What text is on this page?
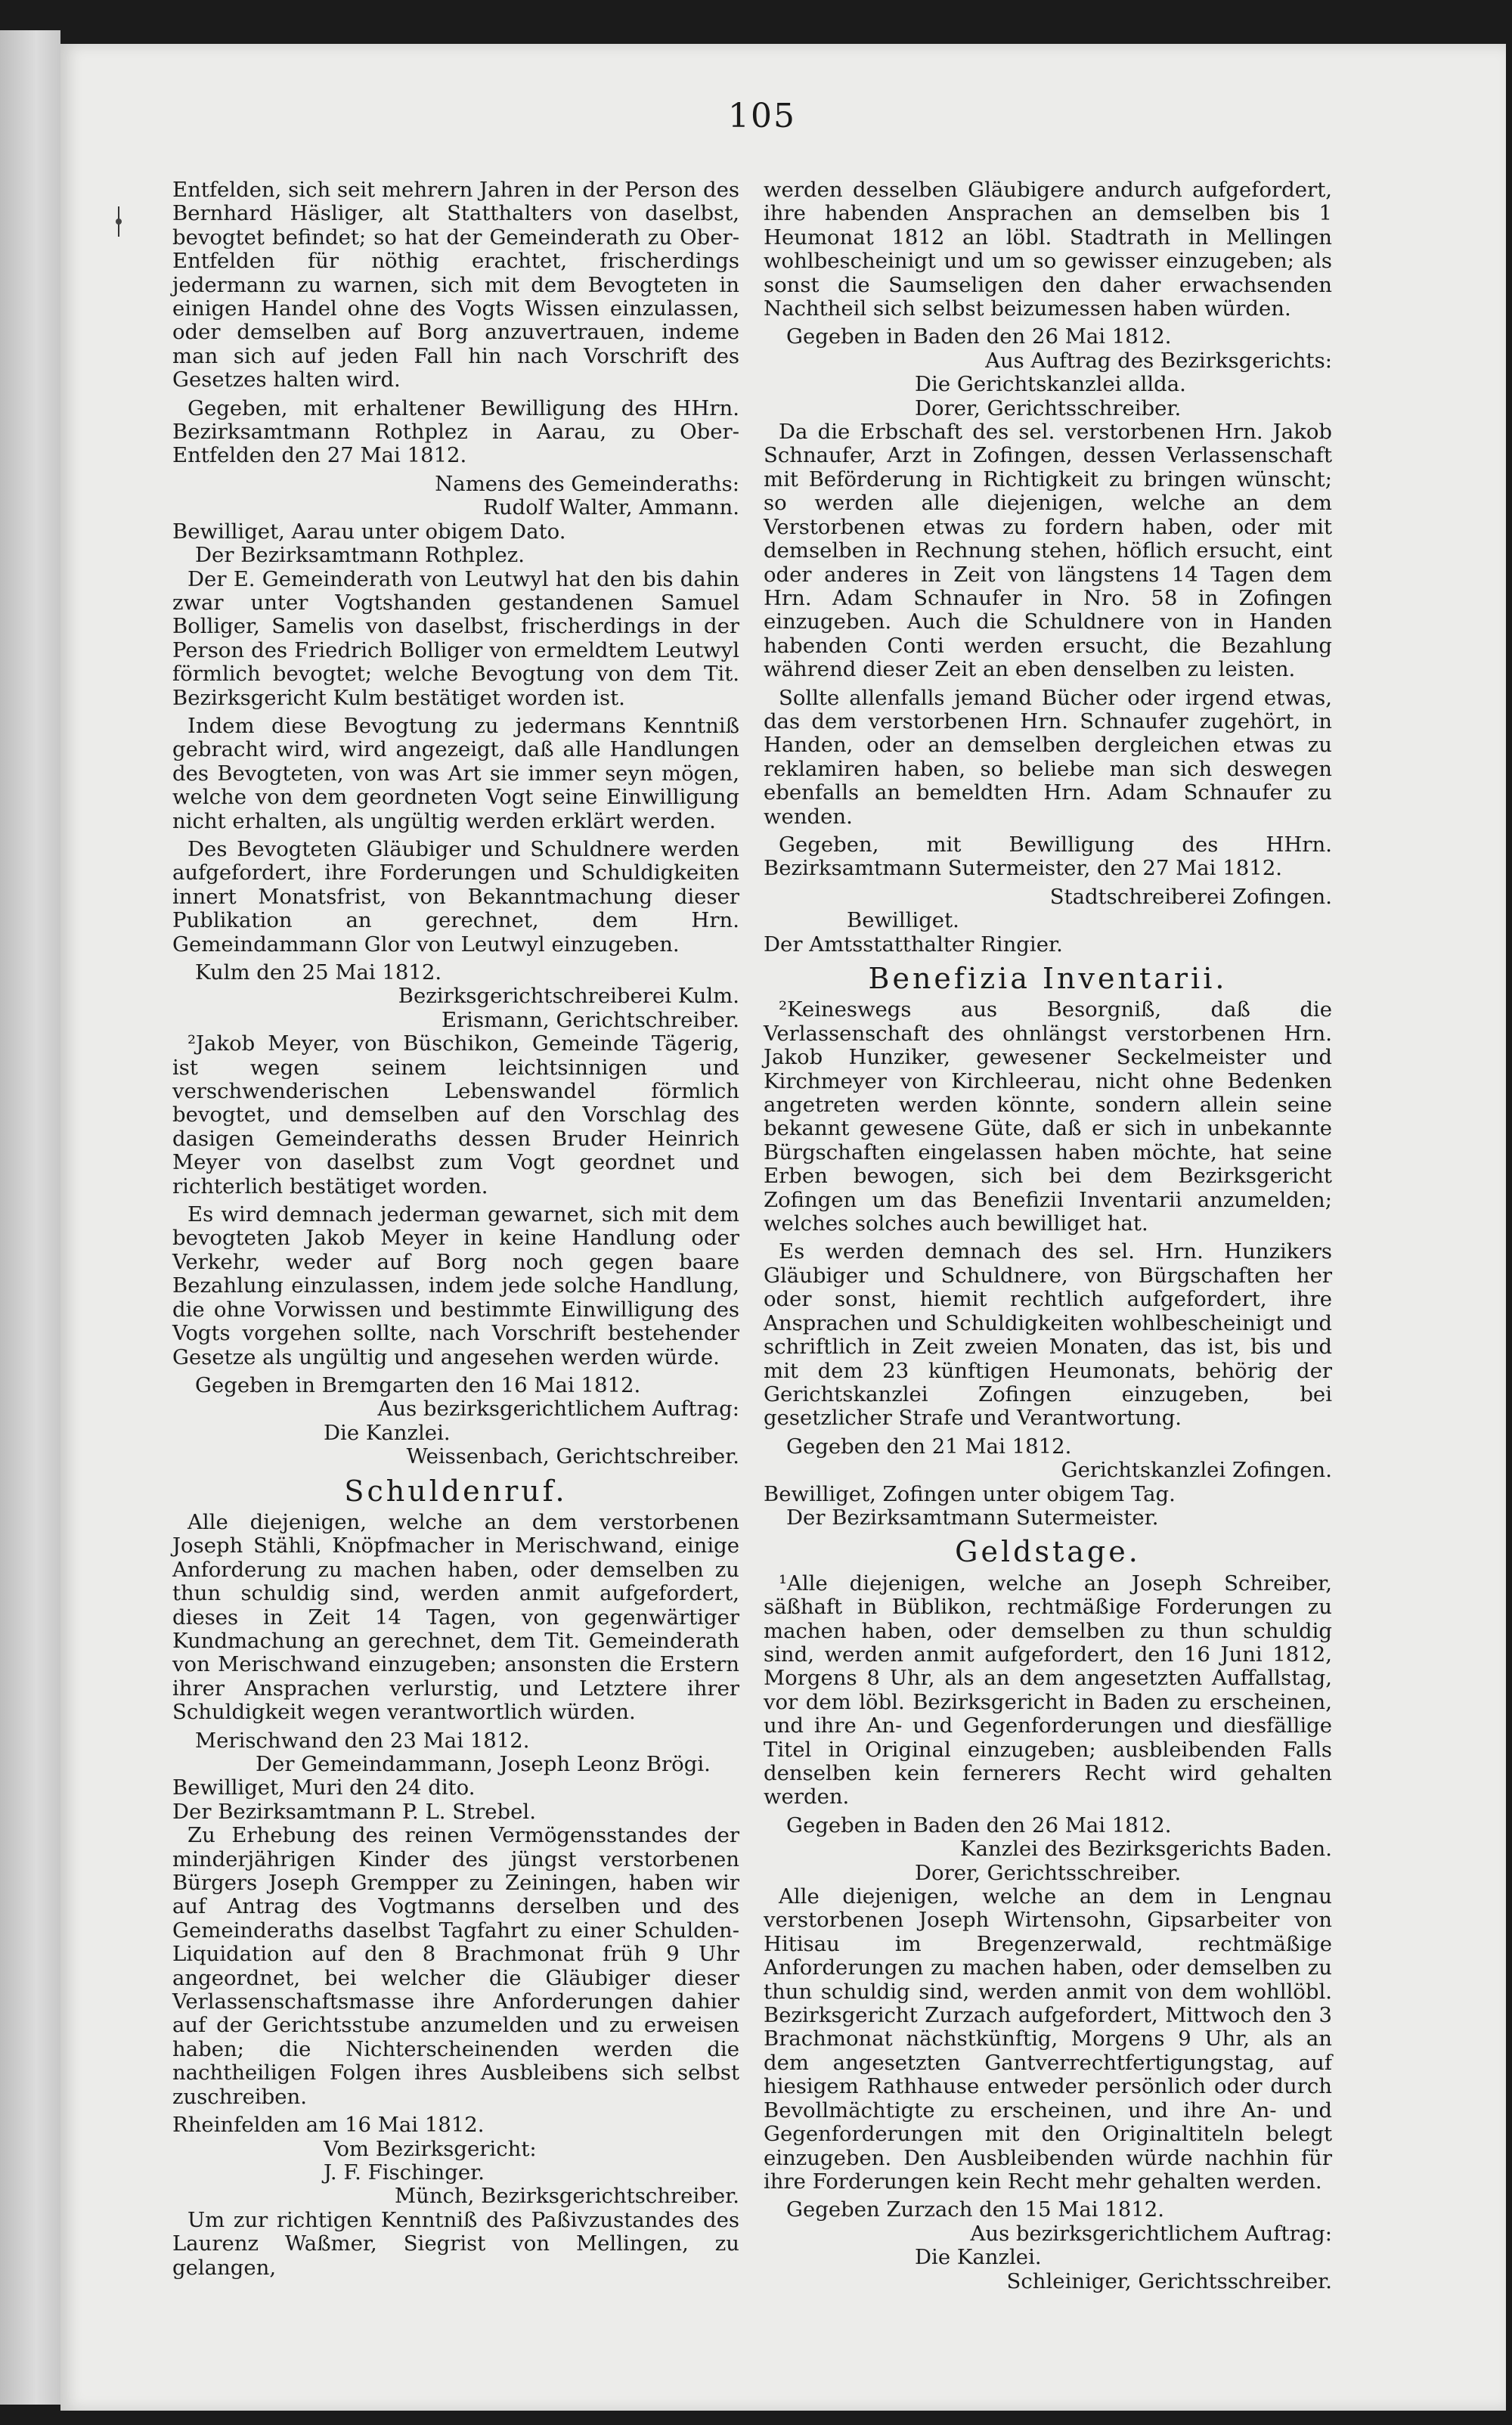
105

Entfelden, sich seit mehrern Jahren in der Person des Bernhard Häsliger, alt Statthalters von daselbst, bevogtet befindet; so hat der Gemeinderath zu Ober-Entfelden für nöthig erachtet, frischerdings jedermann zu warnen, sich mit dem Bevogteten in einigen Handel ohne des Vogts Wissen einzulassen, oder demselben auf Borg anzuvertrauen, indeme man sich auf jeden Fall hin nach Vorschrift des Gesetzes halten wird.

Gegeben, mit erhaltener Bewilligung des HHrn. Bezirksamtmann Rothplez in Aarau, zu Ober-Entfelden den 27 Mai 1812.

Namens des Gemeinderaths:
Rudolf Walter, Ammann.
Bewilliget, Aarau unter obigem Dato.
Der Bezirksamtmann Rothplez.

Der E. Gemeinderath von Leutwyl hat den bis dahin zwar unter Vogtshanden gestandenen Samuel Bolliger, Samelis von daselbst, frischerdings in der Person des Friedrich Bolliger von ermeldtem Leutwyl förmlich bevogtet; welche Bevogtung von dem Tit. Bezirksgericht Kulm bestätiget worden ist.

Indem diese Bevogtung zu jedermans Kenntniß gebracht wird, wird angezeigt, daß alle Handlungen des Bevogteten, von was Art sie immer seyn mögen, welche von dem geordneten Vogt seine Einwilligung nicht erhalten, als ungültig werden erklärt werden.

Des Bevogteten Gläubiger und Schuldnere werden aufgefordert, ihre Forderungen und Schuldigkeiten innert Monatsfrist, von Bekanntmachung dieser Publikation an gerechnet, dem Hrn. Gemeindammann Glor von Leutwyl einzugeben.

Kulm den 25 Mai 1812.
Bezirksgerichtschreiberei Kulm.
Erismann, Gerichtschreiber.

²Jakob Meyer, von Büschikon, Gemeinde Tägerig, ist wegen seinem leichtsinnigen und verschwenderischen Lebenswandel förmlich bevogtet, und demselben auf den Vorschlag des dasigen Gemeinderaths dessen Bruder Heinrich Meyer von daselbst zum Vogt geordnet und richterlich bestätiget worden.

Es wird demnach jederman gewarnet, sich mit dem bevogteten Jakob Meyer in keine Handlung oder Verkehr, weder auf Borg noch gegen baare Bezahlung einzulassen, indem jede solche Handlung, die ohne Vorwissen und bestimmte Einwilligung des Vogts vorgehen sollte, nach Vorschrift bestehender Gesetze als ungültig und angesehen werden würde.

Gegeben in Bremgarten den 16 Mai 1812.
Aus bezirksgerichtlichem Auftrag:
Die Kanzlei.
Weissenbach, Gerichtschreiber.
Schuldenruf.

Alle diejenigen, welche an dem verstorbenen Joseph Stähli, Knöpfmacher in Merischwand, einige Anforderung zu machen haben, oder demselben zu thun schuldig sind, werden anmit aufgefordert, dieses in Zeit 14 Tagen, von gegenwärtiger Kundmachung an gerechnet, dem Tit. Gemeinderath von Merischwand einzugeben; ansonsten die Erstern ihrer Ansprachen verlurstig, und Letztere ihrer Schuldigkeit wegen verantwortlich würden.

Merischwand den 23 Mai 1812.
Der Gemeindammann, Joseph Leonz Brögi.
Bewilliget, Muri den 24 dito.
Der Bezirksamtmann P. L. Strebel.

Zu Erhebung des reinen Vermögensstandes der minderjährigen Kinder des jüngst verstorbenen Bürgers Joseph Grempper zu Zeiningen, haben wir auf Antrag des Vogtmanns derselben und des Gemeinderaths daselbst Tagfahrt zu einer Schulden-Liquidation auf den 8 Brachmonat früh 9 Uhr angeordnet, bei welcher die Gläubiger dieser Verlassenschaftsmasse ihre Anforderungen dahier auf der Gerichtsstube anzumelden und zu erweisen haben; die Nichterscheinenden werden die nachtheiligen Folgen ihres Ausbleibens sich selbst zuschreiben.

Rheinfelden am 16 Mai 1812.
Vom Bezirksgericht:
J. F. Fischinger.
Münch, Bezirksgerichtschreiber.

Um zur richtigen Kenntniß des Paßivzustandes des Laurenz Waßmer, Siegrist von Mellingen, zu gelangen,

werden desselben Gläubigere andurch aufgefordert, ihre habenden Ansprachen an demselben bis 1 Heumonat 1812 an löbl. Stadtrath in Mellingen wohlbescheinigt und um so gewisser einzugeben; als sonst die Saumseligen den daher erwachsenden Nachtheil sich selbst beizumessen haben würden.

Gegeben in Baden den 26 Mai 1812.
Aus Auftrag des Bezirksgerichts:
Die Gerichtskanzlei allda.
Dorer, Gerichtsschreiber.

Da die Erbschaft des sel. verstorbenen Hrn. Jakob Schnaufer, Arzt in Zofingen, dessen Verlassenschaft mit Beförderung in Richtigkeit zu bringen wünscht; so werden alle diejenigen, welche an dem Verstorbenen etwas zu fordern haben, oder mit demselben in Rechnung stehen, höflich ersucht, eint oder anderes in Zeit von längstens 14 Tagen dem Hrn. Adam Schnaufer in Nro. 58 in Zofingen einzugeben. Auch die Schuldnere von in Handen habenden Conti werden ersucht, die Bezahlung während dieser Zeit an eben denselben zu leisten.

Sollte allenfalls jemand Bücher oder irgend etwas, das dem verstorbenen Hrn. Schnaufer zugehört, in Handen, oder an demselben dergleichen etwas zu reklamiren haben, so beliebe man sich deswegen ebenfalls an bemeldten Hrn. Adam Schnaufer zu wenden.

Gegeben, mit Bewilligung des HHrn. Bezirksamtmann Sutermeister, den 27 Mai 1812.

Stadtschreiberei Zofingen.
Bewilliget.
Der Amtsstatthalter Ringier.
Benefizia Inventarii.

²Keineswegs aus Besorgniß, daß die Verlassenschaft des ohnlängst verstorbenen Hrn. Jakob Hunziker, gewesener Seckelmeister und Kirchmeyer von Kirchleerau, nicht ohne Bedenken angetreten werden könnte, sondern allein seine bekannt gewesene Güte, daß er sich in unbekannte Bürgschaften eingelassen haben möchte, hat seine Erben bewogen, sich bei dem Bezirksgericht Zofingen um das Benefizii Inventarii anzumelden; welches solches auch bewilliget hat.

Es werden demnach des sel. Hrn. Hunzikers Gläubiger und Schuldnere, von Bürgschaften her oder sonst, hiemit rechtlich aufgefordert, ihre Ansprachen und Schuldigkeiten wohlbescheinigt und schriftlich in Zeit zweien Monaten, das ist, bis und mit dem 23 künftigen Heumonats, behörig der Gerichtskanzlei Zofingen einzugeben, bei gesetzlicher Strafe und Verantwortung.

Gegeben den 21 Mai 1812.
Gerichtskanzlei Zofingen.
Bewilliget, Zofingen unter obigem Tag.
Der Bezirksamtmann Sutermeister.
Geldstage.

¹Alle diejenigen, welche an Joseph Schreiber, säßhaft in Büblikon, rechtmäßige Forderungen zu machen haben, oder demselben zu thun schuldig sind, werden anmit aufgefordert, den 16 Juni 1812, Morgens 8 Uhr, als an dem angesetzten Auffallstag, vor dem löbl. Bezirksgericht in Baden zu erscheinen, und ihre An- und Gegenforderungen und diesfällige Titel in Original einzugeben; ausbleibenden Falls denselben kein fernerers Recht wird gehalten werden.

Gegeben in Baden den 26 Mai 1812.
Kanzlei des Bezirksgerichts Baden.
Dorer, Gerichtsschreiber.

Alle diejenigen, welche an dem in Lengnau verstorbenen Joseph Wirtensohn, Gipsarbeiter von Hitisau im Bregenzerwald, rechtmäßige Anforderungen zu machen haben, oder demselben zu thun schuldig sind, werden anmit von dem wohllöbl. Bezirksgericht Zurzach aufgefordert, Mittwoch den 3 Brachmonat nächstkünftig, Morgens 9 Uhr, als an dem angesetzten Gantverrechtfertigungstag, auf hiesigem Rathhause entweder persönlich oder durch Bevollmächtigte zu erscheinen, und ihre An- und Gegenforderungen mit den Originaltiteln belegt einzugeben. Den Ausbleibenden würde nachhin für ihre Forderungen kein Recht mehr gehalten werden.

Gegeben Zurzach den 15 Mai 1812.
Aus bezirksgerichtlichem Auftrag:
Die Kanzlei.
Schleiniger, Gerichtsschreiber.
